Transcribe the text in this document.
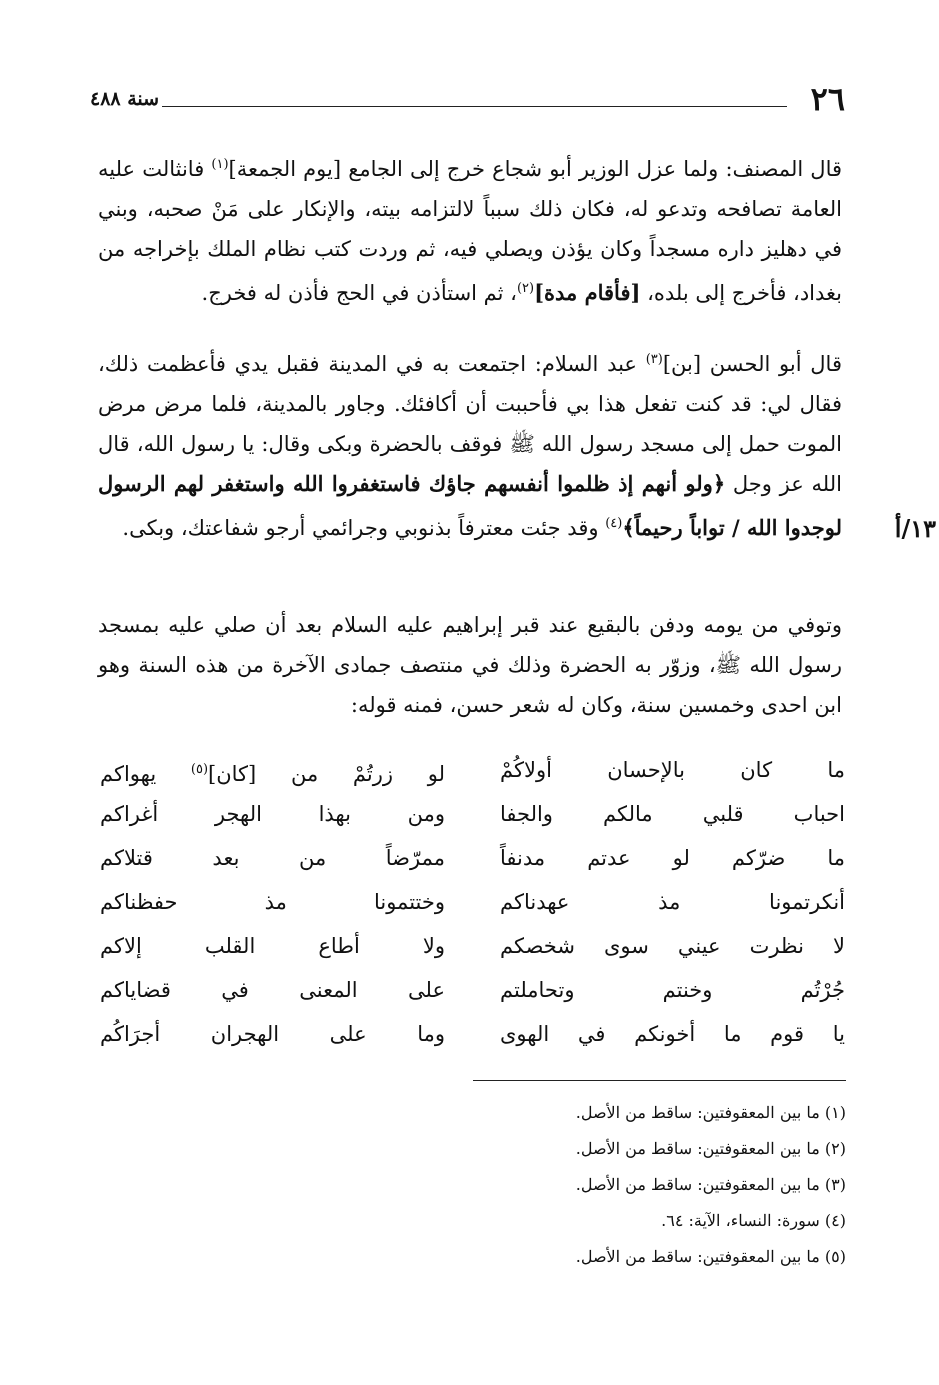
٢٦
سنة ٤٨٨
قال المصنف: ولما عزل الوزير أبو شجاع خرج إلى الجامع [يوم الجمعة]$^{(١)}$ فانثالت عليه العامة تصافحه وتدعو له، فكان ذلك سبباً لالتزامه بيته، والإنكار على مَنْ صحبه، وبني في دهليز داره مسجداً وكان يؤذن ويصلي فيه، ثم وردت كتب نظام الملك بإخراجه من بغداد، فأخرج إلى بلده، [فأقام مدة]$^{(٢)}$، ثم استأذن في الحج فأذن له فخرج.
قال أبو الحسن [بن]$^{(٣)}$ عبد السلام: اجتمعت به في المدينة فقبل يدي فأعظمت ذلك، فقال لي: قد كنت تفعل هذا بي فأحببت أن أكافئك. وجاور بالمدينة، فلما مرض مرض الموت حمل إلى مسجد رسول الله ﷺ فوقف بالحضرة وبكى وقال: يا رسول الله، قال الله عز وجل ﴿ولو أنهم إذ ظلموا أنفسهم جاؤك فاستغفروا الله واستغفر لهم الرسول لوجدوا الله / تواباً رحيماً﴾$^{(٤)}$ وقد جئت معترفاً بذنوبي وجرائمي أرجو شفاعتك، وبكى.	١٣/أ
وتوفي من يومه ودفن بالبقيع عند قبر إبراهيم عليه السلام بعد أن صلي عليه بمسجد رسول الله ﷺ، وزوّر به الحضرة وذلك في منتصف جمادى الآخرة من هذه السنة وهو ابن احدى وخمسين سنة، وكان له شعر حسن، فمنه قوله:
ما كان بالإحسان أولاكُمْ
لو زرتُمْ من [كان]$^{(٥)}$ يهواكم
احباب قلبي مالكم والجفا
ومن بهذا الهجر أغراكم
ما ضرّكم لو عدتم مدنفاً
ممرّضاً من بعد قتلاكم
أنكرتمونا مذ عهدناكم
وختتمونا مذ حفظناكم
لا نظرت عيني سوى شخصكم
ولا أطاع القلب إلاكم
جُرْتُم وخنتم وتحاملتم
على المعنى في قضاياكم
يا قوم ما أخونكم في الهوى
وما على الهجران أجرَاكُم
(١) ما بين المعقوفتين: ساقط من الأصل.
(٢) ما بين المعقوفتين: ساقط من الأصل.
(٣) ما بين المعقوفتين: ساقط من الأصل.
(٤) سورة: النساء، الآية: ٦٤.
(٥) ما بين المعقوفتين: ساقط من الأصل.
